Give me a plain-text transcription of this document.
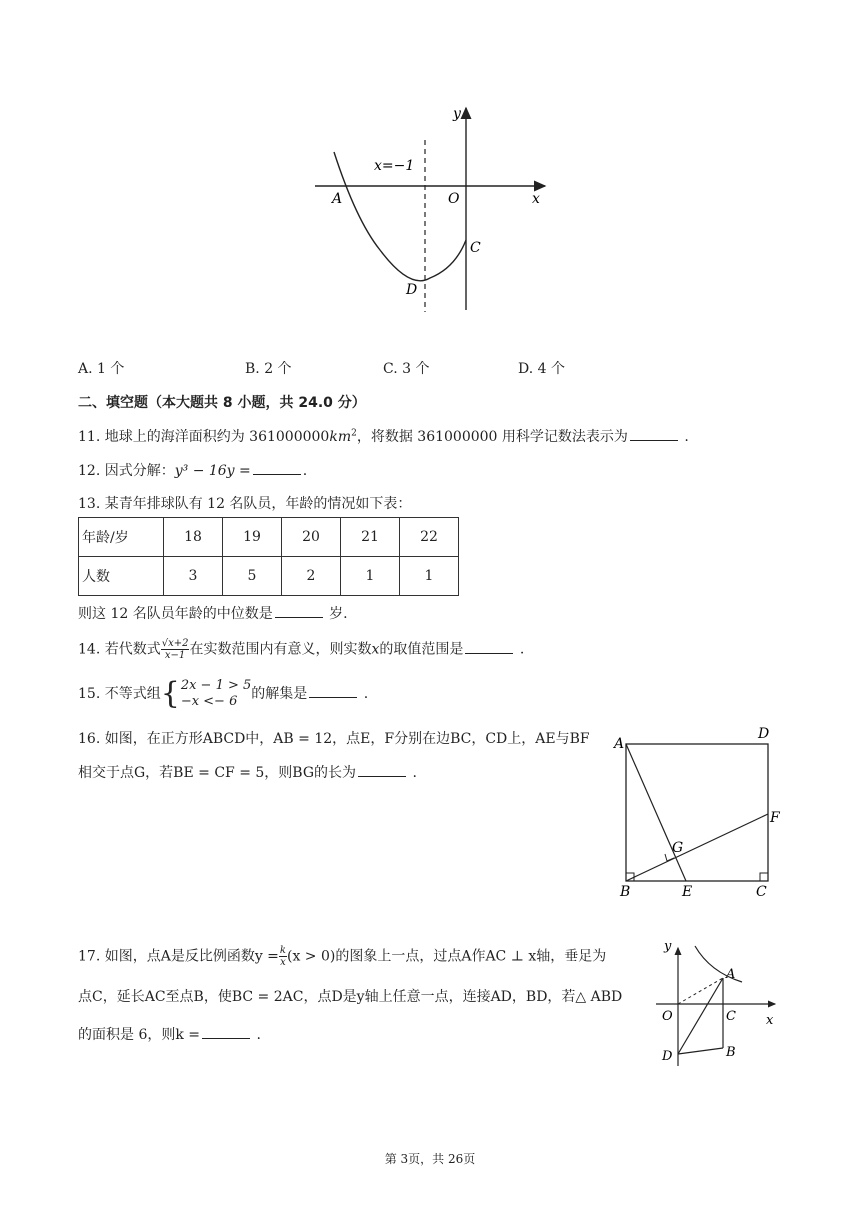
y
x
x=−1
A	O
C
D
A. 1 个	B. 2 个	C. 3 个	D. 4 个
二、填空题（本大题共 8 小题，共 24.0 分）
11. 地球上的海洋面积约为 $361000000km^2$，将数据 361000000 用科学记数法表示为	.
12. 因式分解：y³ − 16y =	.
13. 某青年排球队有 12 名队员，年龄的情况如下表：
年龄/岁	18	19	20	21	22
人数	3	5	2	1	1
则这 12 名队员年龄的中位数是	岁.
14. 若代数式 $\frac{√x+2}{x-1}$在实数范围内有意义，则实数x的取值范围是	.
15. 不等式组{2x − 1 > 5
−x <− 6 的解集是	.
16. 如图，在正方形ABCD中，AB = 12，点E，F分别在边BC，CD上，AE与BF
相交于点G，若BE = CF = 5，则BG的长为	.
A
D
F
G
B	E	C
17. 如图，点A是反比例函数$y = \frac{k}{x}(x > 0)$的图象上一点，过点A作AC ⊥ x轴，垂足为
点C，延长AC至点B，使BC = 2AC，点D是y轴上任意一点，连接AD，BD，若△ ABD
的面积是 6，则k =	.
y
A
O	C x
B
D
第 3页，共 26页
